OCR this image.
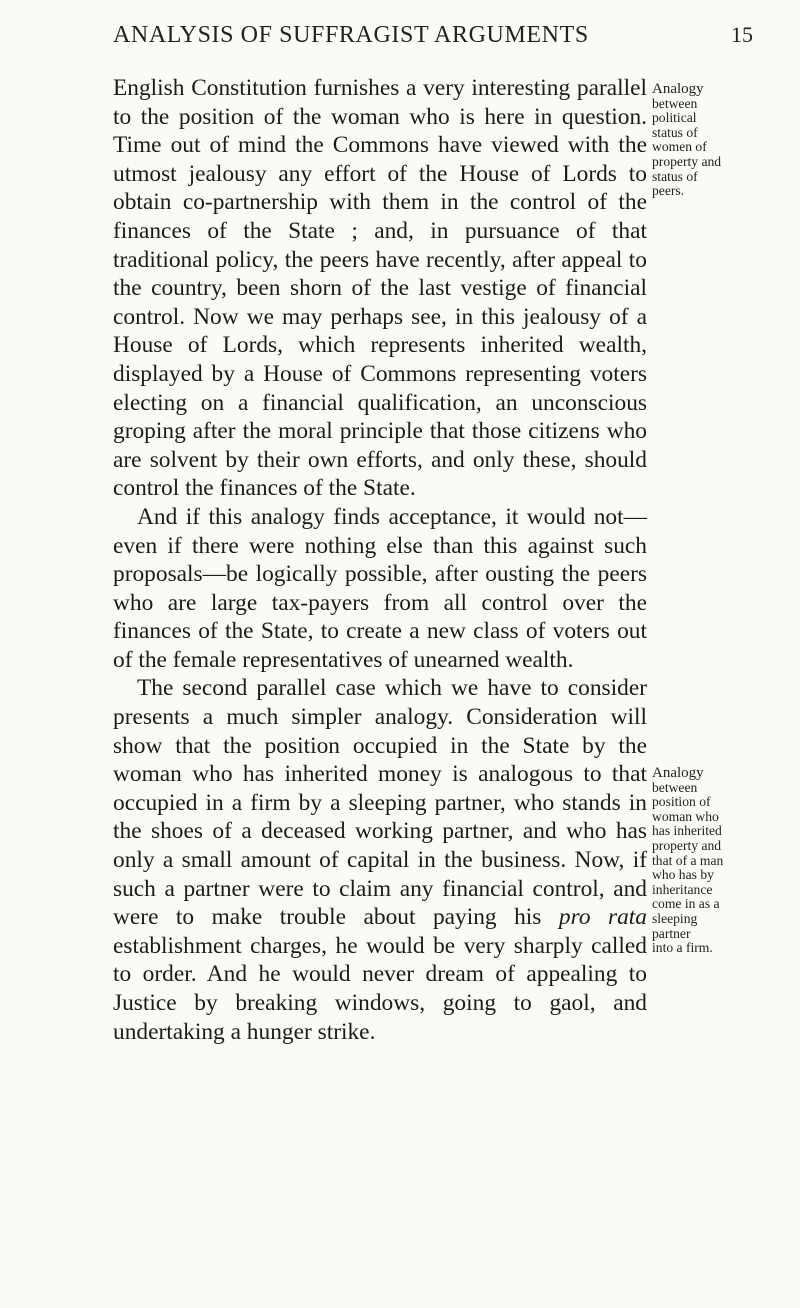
ANALYSIS OF SUFFRAGIST ARGUMENTS	15

English Constitution furnishes a very interesting parallel to the position of the woman who is here in question. Time out of mind the Commons have viewed with the utmost jealousy any effort of the House of Lords to obtain co-partnership with them in the control of the finances of the State ; and, in pursuance of that traditional policy, the peers have recently, after appeal to the country, been shorn of the last vestige of financial control. Now we may perhaps see, in this jealousy of a House of Lords, which represents inherited wealth, displayed by a House of Commons representing voters electing on a financial qualification, an unconscious groping after the moral principle that those citizens who are solvent by their own efforts, and only these, should control the finances of the State.

And if this analogy finds acceptance, it would not—even if there were nothing else than this against such proposals—be logically possible, after ousting the peers who are large tax-payers from all control over the finances of the State, to create a new class of voters out of the female representatives of unearned wealth.

The second parallel case which we have to consider presents a much simpler analogy. Consideration will show that the position occupied in the State by the woman who has inherited money is analogous to that occupied in a firm by a sleeping partner, who stands in the shoes of a deceased working partner, and who has only a small amount of capital in the business. Now, if such a partner were to claim any financial control, and were to make trouble about paying his pro rata establishment charges, he would be very sharply called to order. And he would never dream of appealing to Justice by breaking windows, going to gaol, and undertaking a hunger strike.

Analogy
between
political
status of
women of
property and
status of
peers.
Analogy
between
position of
woman who
has inherited
property and
that of a man
who has by
inheritance
come in as a
sleeping
partner
into a firm.
